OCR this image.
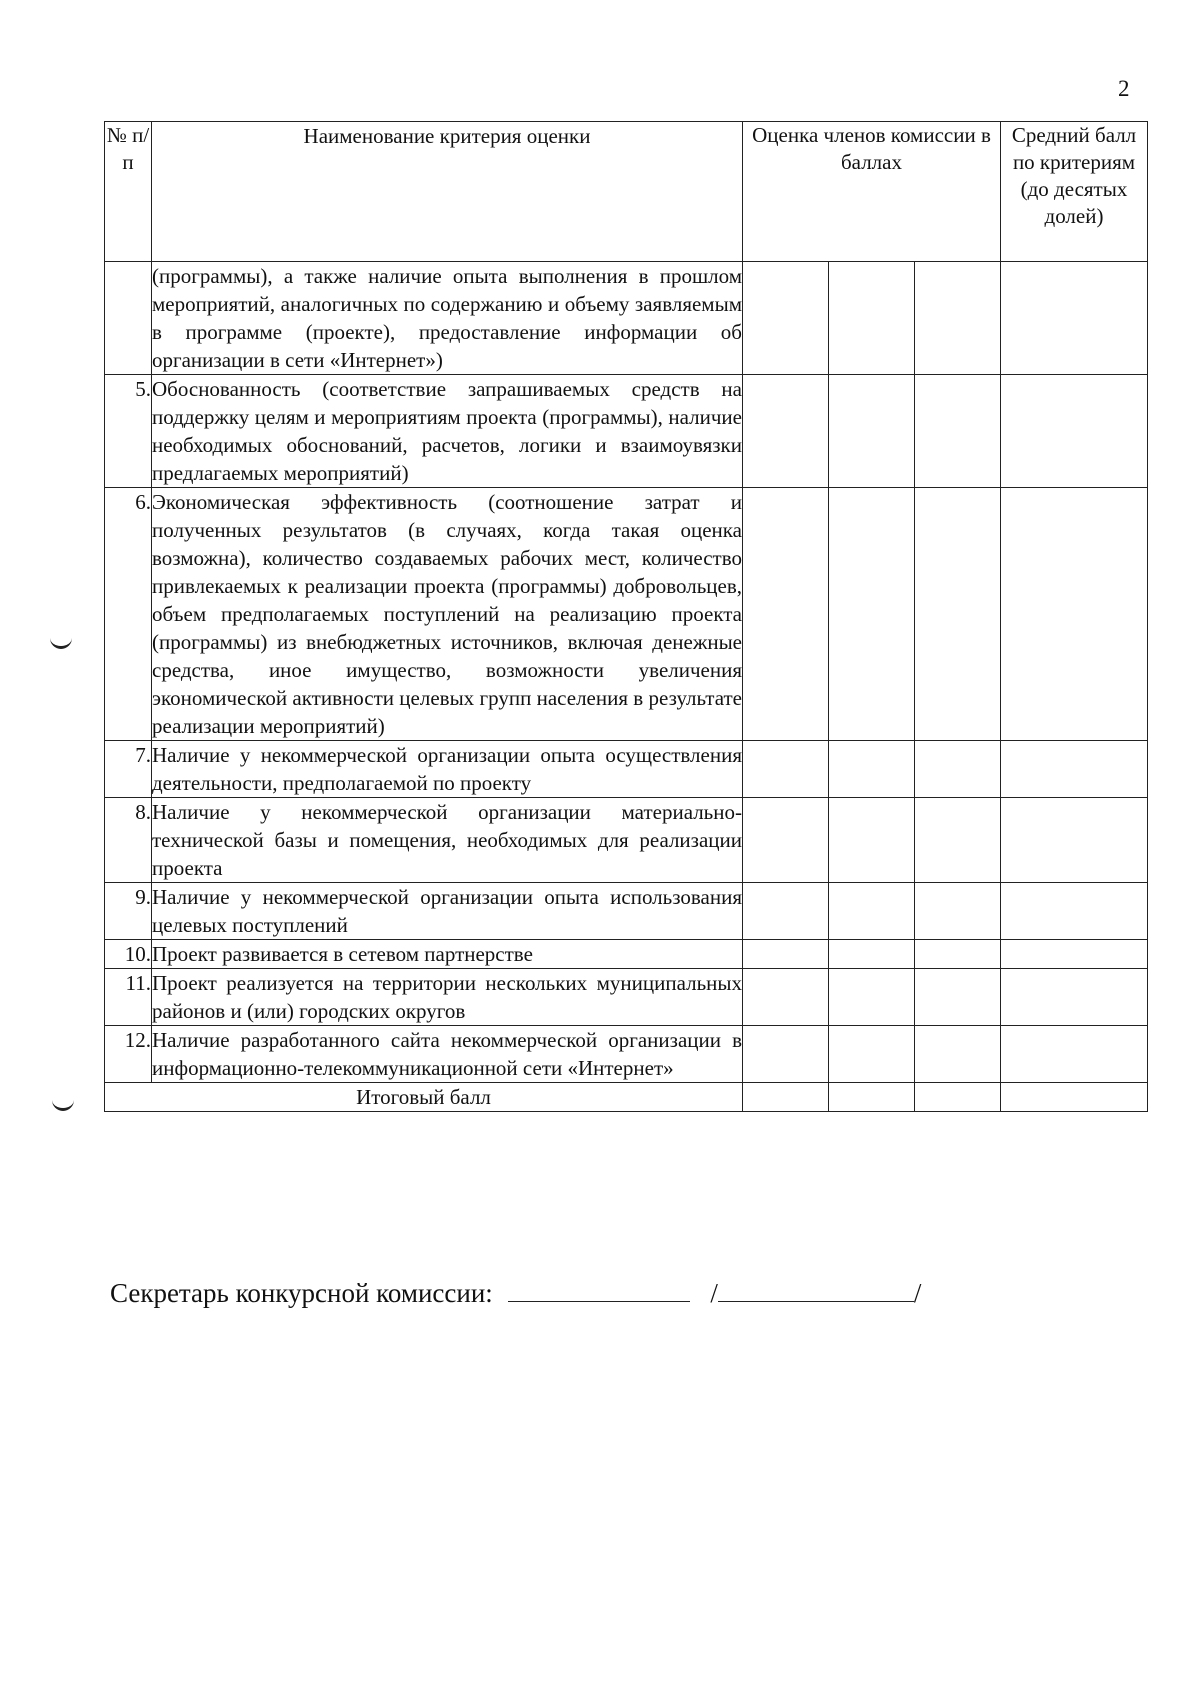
2
№ п/п	Наименование критерия оценки	Оценка членов комиссии в баллах			Средний балл по критериям (до десятых долей)
	(программы), а также наличие опыта выполнения в прошлом мероприятий, аналогичных по содержанию и объему заявляемым в программе (проекте), предоставление информации об организации в сети «Интернет»)				
5.	Обоснованность (соответствие запрашиваемых средств на поддержку целям и мероприятиям проекта (программы), наличие необходимых обоснований, расчетов, логики и взаимоувязки предлагаемых мероприятий)				
6.	Экономическая эффективность (соотношение затрат и полученных результатов (в случаях, когда такая оценка возможна), количество создаваемых рабочих мест, количество привлекаемых к реализации проекта (программы) добровольцев, объем предполагаемых поступлений на реализацию проекта (программы) из внебюджетных источников, включая денежные средства, иное имущество, возможности увеличения экономической активности целевых групп населения в результате реализации мероприятий)				
7.	Наличие у некоммерческой организации опыта осуществления деятельности, предполагаемой по проекту				
8.	Наличие у некоммерческой организации материально-технической базы и помещения, необходимых для реализации проекта				
9.	Наличие у некоммерческой организации опыта использования целевых поступлений				
10.	Проект развивается в сетевом партнерстве				
11.	Проект реализуется на территории нескольких муниципальных районов и (или) городских округов				
12.	Наличие разработанного сайта некоммерческой организации в информационно-телекоммуникационной сети «Интернет»				
Итоговый балл					
Секретарь конкурсной комиссии:	/	/
